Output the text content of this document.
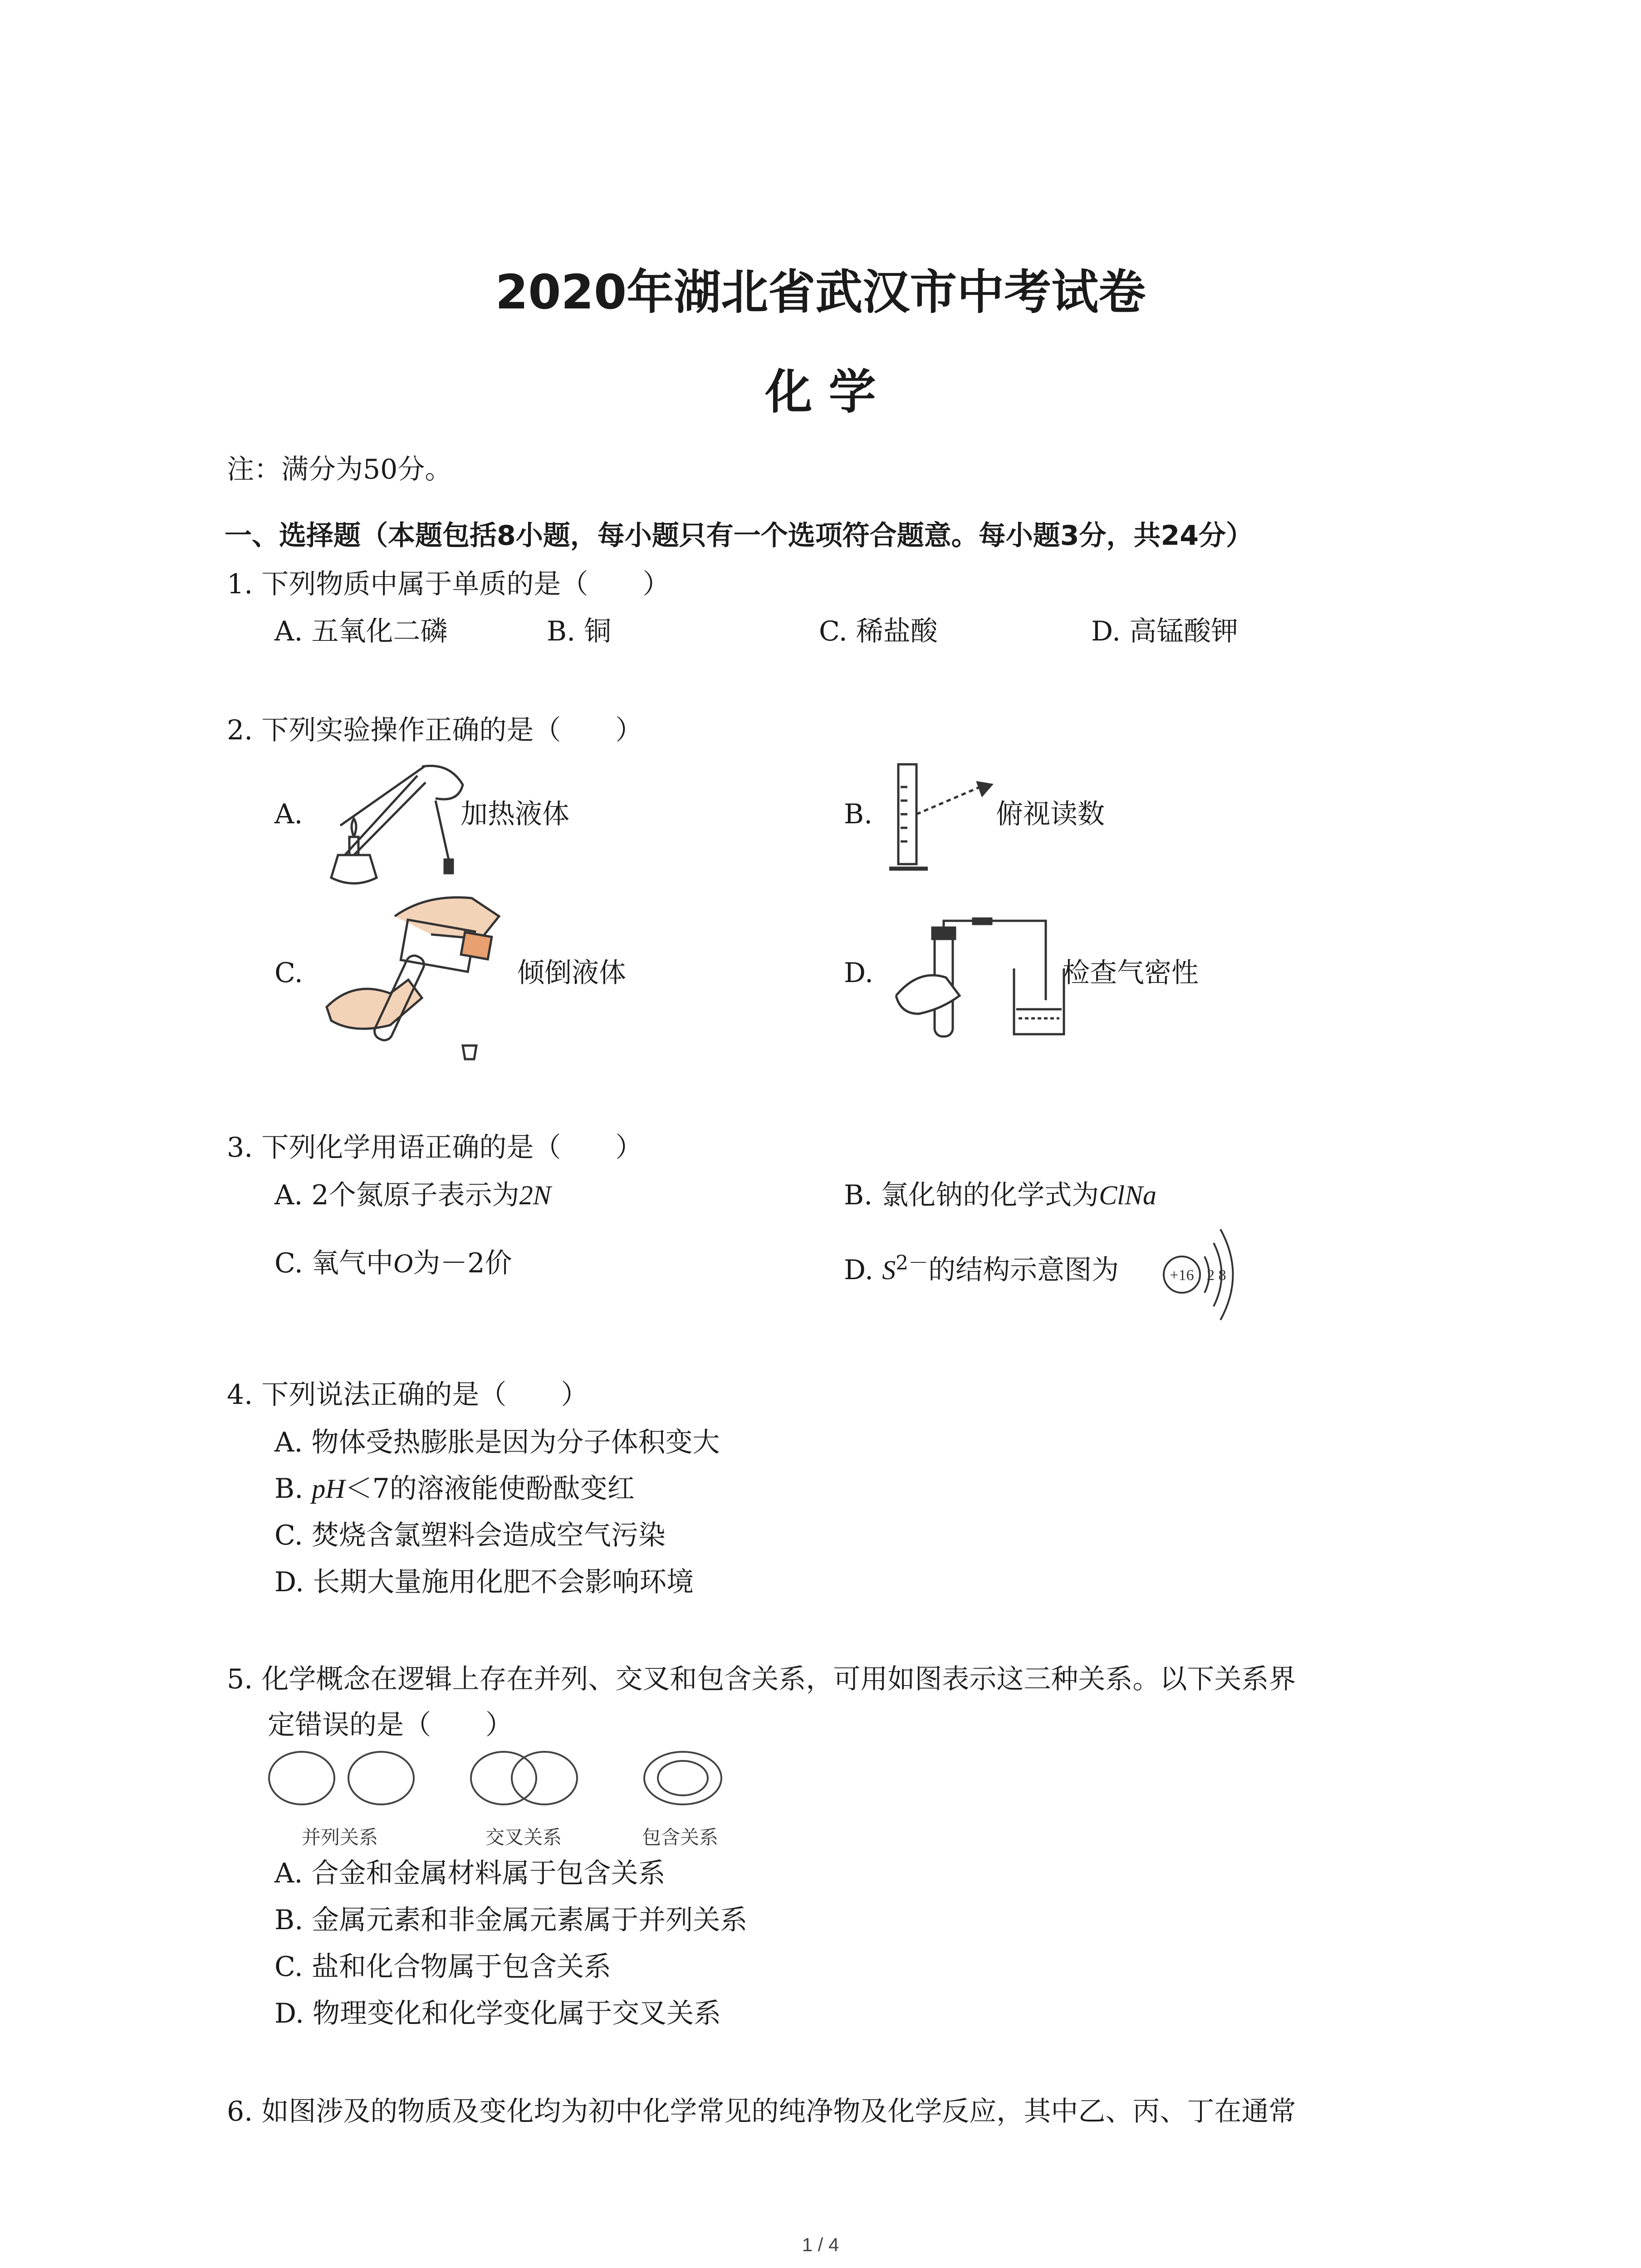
2020年湖北省武汉市中考试卷
化 学
注：满分为50分。
一、选择题（本题包括8小题，每小题只有一个选项符合题意。每小题3分，共24分）
1. 下列物质中属于单质的是（　　）
A. 五氧化二磷	B. 铜	C. 稀盐酸	D. 高锰酸钾
2. 下列实验操作正确的是（　　）
A.	加热液体	B.	俯视读数
C.	倾倒液体	D.	检查气密性
3. 下列化学用语正确的是（　　）
A. 2个氮原子表示为2N	B. 氯化钠的化学式为ClNa
C. 氧气中O为－2价	D. $S^{2-}$的结构示意图为	+16 2 8
4. 下列说法正确的是（　　）
A. 物体受热膨胀是因为分子体积变大
B. pH＜7的溶液能使酚酞变红
C. 焚烧含氯塑料会造成空气污染
D. 长期大量施用化肥不会影响环境
5. 化学概念在逻辑上存在并列、交叉和包含关系，可用如图表示这三种关系。以下关系界
定错误的是（　　）
并列关系	交叉关系	包含关系
A. 合金和金属材料属于包含关系
B. 金属元素和非金属元素属于并列关系
C. 盐和化合物属于包含关系
D. 物理变化和化学变化属于交叉关系
6. 如图涉及的物质及变化均为初中化学常见的纯净物及化学反应，其中乙、丙、丁在通常
1 / 4
